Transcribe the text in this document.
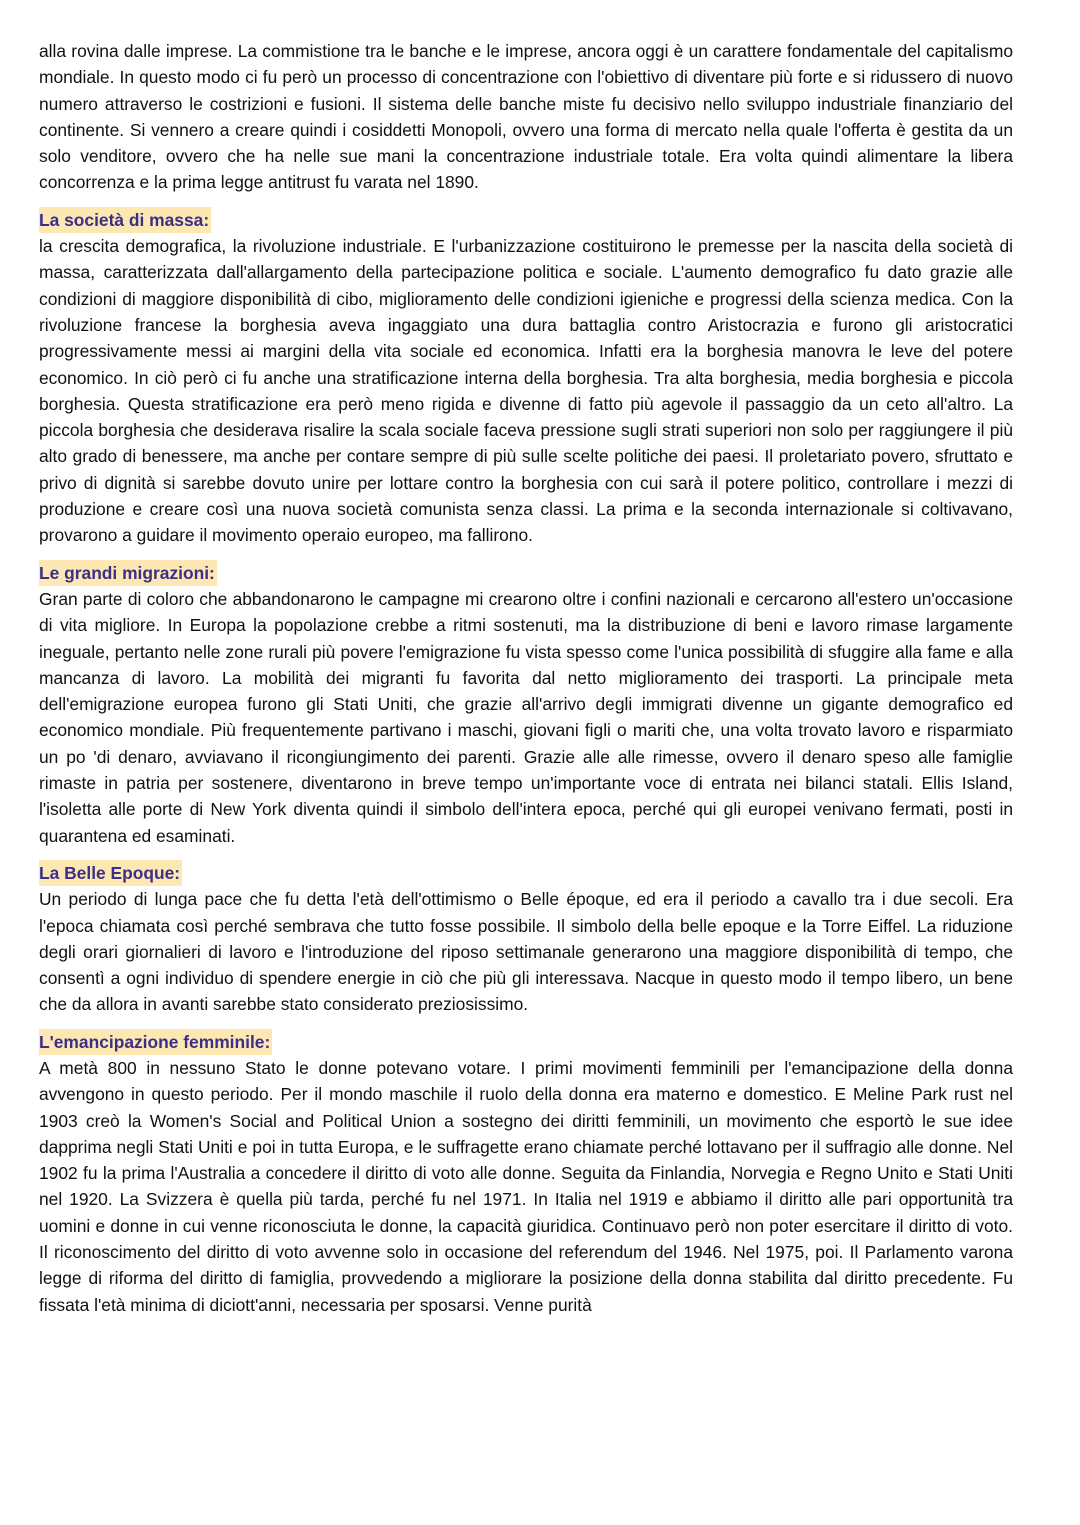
alla rovina dalle imprese. La commistione tra le banche e le imprese, ancora oggi è un carattere fondamentale del capitalismo mondiale. In questo modo ci fu però un processo di concentrazione con l'obiettivo di diventare più forte e si ridussero di nuovo numero attraverso le costrizioni e fusioni. Il sistema delle banche miste fu decisivo nello sviluppo industriale finanziario del continente. Si vennero a creare quindi i cosiddetti Monopoli, ovvero una forma di mercato nella quale l'offerta è gestita da un solo venditore, ovvero che ha nelle sue mani la concentrazione industriale totale. Era volta quindi alimentare la libera concorrenza e la prima legge antitrust fu varata nel 1890.

La società di massa:

la crescita demografica, la rivoluzione industriale. E l'urbanizzazione costituirono le premesse per la nascita della società di massa, caratterizzata dall'allargamento della partecipazione politica e sociale. L'aumento demografico fu dato grazie alle condizioni di maggiore disponibilità di cibo, miglioramento delle condizioni igieniche e progressi della scienza medica. Con la rivoluzione francese la borghesia aveva ingaggiato una dura battaglia contro Aristocrazia e furono gli aristocratici progressivamente messi ai margini della vita sociale ed economica. Infatti era la borghesia manovra le leve del potere economico. In ciò però ci fu anche una stratificazione interna della borghesia. Tra alta borghesia, media borghesia e piccola borghesia. Questa stratificazione era però meno rigida e divenne di fatto più agevole il passaggio da un ceto all'altro. La piccola borghesia che desiderava risalire la scala sociale faceva pressione sugli strati superiori non solo per raggiungere il più alto grado di benessere, ma anche per contare sempre di più sulle scelte politiche dei paesi. Il proletariato povero, sfruttato e privo di dignità si sarebbe dovuto unire per lottare contro la borghesia con cui sarà il potere politico, controllare i mezzi di produzione e creare così una nuova società comunista senza classi. La prima e la seconda internazionale si coltivavano, provarono a guidare il movimento operaio europeo, ma fallirono.

Le grandi migrazioni:

Gran parte di coloro che abbandonarono le campagne mi crearono oltre i confini nazionali e cercarono all'estero un'occasione di vita migliore. In Europa la popolazione crebbe a ritmi sostenuti, ma la distribuzione di beni e lavoro rimase largamente ineguale, pertanto nelle zone rurali più povere l'emigrazione fu vista spesso come l'unica possibilità di sfuggire alla fame e alla mancanza di lavoro. La mobilità dei migranti fu favorita dal netto miglioramento dei trasporti. La principale meta dell'emigrazione europea furono gli Stati Uniti, che grazie all'arrivo degli immigrati divenne un gigante demografico ed economico mondiale. Più frequentemente partivano i maschi, giovani figli o mariti che, una volta trovato lavoro e risparmiato un po 'di denaro, avviavano il ricongiungimento dei parenti. Grazie alle alle rimesse, ovvero il denaro speso alle famiglie rimaste in patria per sostenere, diventarono in breve tempo un'importante voce di entrata nei bilanci statali. Ellis Island, l'isoletta alle porte di New York diventa quindi il simbolo dell'intera epoca, perché qui gli europei venivano fermati, posti in quarantena ed esaminati.

La Belle Epoque:

Un periodo di lunga pace che fu detta l'età dell'ottimismo o Belle époque, ed era il periodo a cavallo tra i due secoli. Era l'epoca chiamata così perché sembrava che tutto fosse possibile. Il simbolo della belle epoque e la Torre Eiffel. La riduzione degli orari giornalieri di lavoro e l'introduzione del riposo settimanale generarono una maggiore disponibilità di tempo, che consentì a ogni individuo di spendere energie in ciò che più gli interessava. Nacque in questo modo il tempo libero, un bene che da allora in avanti sarebbe stato considerato preziosissimo.

L'emancipazione femminile:

A metà 800 in nessuno Stato le donne potevano votare. I primi movimenti femminili per l'emancipazione della donna avvengono in questo periodo. Per il mondo maschile il ruolo della donna era materno e domestico. E Meline Park rust nel 1903 creò la Women's Social and Political Union a sostegno dei diritti femminili, un movimento che esportò le sue idee dapprima negli Stati Uniti e poi in tutta Europa, e le suffragette erano chiamate perché lottavano per il suffragio alle donne. Nel 1902 fu la prima l'Australia a concedere il diritto di voto alle donne. Seguita da Finlandia, Norvegia e Regno Unito e Stati Uniti nel 1920. La Svizzera è quella più tarda, perché fu nel 1971. In Italia nel 1919 e abbiamo il diritto alle pari opportunità tra uomini e donne in cui venne riconosciuta le donne, la capacità giuridica. Continuavo però non poter esercitare il diritto di voto. Il riconoscimento del diritto di voto avvenne solo in occasione del referendum del 1946. Nel 1975, poi. Il Parlamento varona legge di riforma del diritto di famiglia, provvedendo a migliorare la posizione della donna stabilita dal diritto precedente. Fu fissata l'età minima di diciott'anni, necessaria per sposarsi. Venne purità
